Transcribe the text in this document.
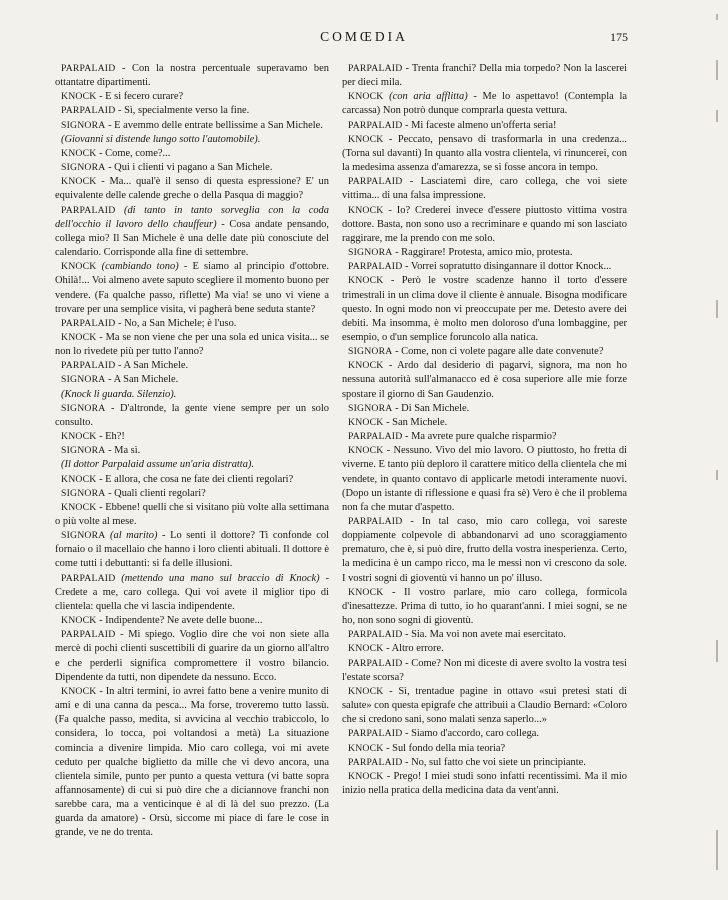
COMŒDIA	175

PARPALAID - Con la nostra percentuale superavamo ben ottantatre dipartimenti.

KNOCK - E si fecero curare?

PARPALAID - Sì, specialmente verso la fine.

SIGNORA - E avemmo delle entrate bellissime a San Michele.

(Giovanni si distende lungo sotto l'automobile).

KNOCK - Come, come?...

SIGNORA - Qui i clienti vi pagano a San Michele.

KNOCK - Ma... qual'è il senso di questa espressione? E' un equivalente delle calende greche o della Pasqua di maggio?

PARPALAID (di tanto in tanto sorveglia con la coda dell'occhio il lavoro dello chauffeur) - Cosa andate pensando, collega mio? Il San Michele è una delle date più conosciute del calendario. Corrisponde alla fine di settembre.

KNOCK (cambiando tono) - E siamo al principio d'ottobre. Ohilà!... Voi almeno avete saputo scegliere il momento buono per vendere. (Fa qualche passo, riflette) Ma via! se uno vi viene a trovare per una semplice visita, vi pagherà bene seduta stante?

PARPALAID - No, a San Michele; è l'uso.

KNOCK - Ma se non viene che per una sola ed unica visita... se non lo rivedete più per tutto l'anno?

PARPALAID - A San Michele.

SIGNORA - A San Michele.

(Knock li guarda. Silenzio).

SIGNORA - D'altronde, la gente viene sempre per un solo consulto.

KNOCK - Eh?!

SIGNORA - Ma sì.

(Il dottor Parpalaid assume un'aria distratta).

KNOCK - E allora, che cosa ne fate dei clienti regolari?

SIGNORA - Quali clienti regolari?

KNOCK - Ebbene! quelli che si visitano più volte alla settimana o più volte al mese.

SIGNORA (al marito) - Lo senti il dottore? Ti confonde col fornaio o il macellaio che hanno i loro clienti abituali. Il dottore è come tutti i debuttanti: si fa delle illusioni.

PARPALAID (mettendo una mano sul braccio di Knock) - Credete a me, caro collega. Qui voi avete il miglior tipo di clientela: quella che vi lascia indipendente.

KNOCK - Indipendente? Ne avete delle buone...

PARPALAID - Mi spiego. Voglio dire che voi non siete alla mercè di pochi clienti suscettibili di guarire da un giorno all'altro e che perderli significa compromettere il vostro bilancio. Dipendente da tutti, non dipendete da nessuno. Ecco.

KNOCK - In altri termini, io avrei fatto bene a venire munito di ami e di una canna da pesca... Ma forse, troveremo tutto lassù. (Fa qualche passo, medita, si avvicina al vecchio trabiccolo, lo considera, lo tocca, poi voltandosi a metà) La situazione comincia a divenire limpida. Mio caro collega, voi mi avete ceduto per qualche biglietto da mille che vi devo ancora, una clientela simile, punto per punto a questa vettura (vi batte sopra affannosamente) di cui si può dire che a diciannove franchi non sarebbe cara, ma a venticinque è al di là del suo prezzo. (La guarda da amatore) - Orsù, siccome mi piace di fare le cose in grande, ve ne do trenta.

PARPALAID - Trenta franchi? Della mia torpedo? Non la lascerei per dieci mila.

KNOCK (con aria afflitta) - Me lo aspettavo! (Contempla la carcassa) Non potrò dunque comprarla questa vettura.

PARPALAID - Mi faceste almeno un'offerta seria!

KNOCK - Peccato, pensavo di trasformarla in una credenza... (Torna sul davanti) In quanto alla vostra clientela, vi rinuncerei, con la medesima assenza d'amarezza, se si fosse ancora in tempo.

PARPALAID - Lasciatemi dire, caro collega, che voi siete vittima... di una falsa impressione.

KNOCK - Io? Crederei invece d'essere piuttosto vittima vostra dottore. Basta, non sono uso a recriminare e quando mi son lasciato raggirare, me la prendo con me solo.

SIGNORA - Raggirare! Protesta, amico mio, protesta.

PARPALAID - Vorrei sopratutto disingannare il dottor Knock...

KNOCK - Però le vostre scadenze hanno il torto d'essere trimestrali in un clima dove il cliente è annuale. Bisogna modificare questo. In ogni modo non vi preoccupate per me. Detesto avere dei debiti. Ma insomma, è molto men doloroso d'una lombaggine, per esempio, o d'un semplice foruncolo alla natica.

SIGNORA - Come, non ci volete pagare alle date convenute?

KNOCK - Ardo dal desiderio di pagarvi, signora, ma non ho nessuna autorità sull'almanacco ed è cosa superiore alle mie forze spostare il giorno di San Gaudenzio.

SIGNORA - Di San Michele.

KNOCK - San Michele.

PARPALAID - Ma avrete pure qualche risparmio?

KNOCK - Nessuno. Vivo del mio lavoro. O piuttosto, ho fretta di viverne. E tanto più deploro il carattere mitico della clientela che mi vendete, in quanto contavo di applicarle metodi interamente nuovi. (Dopo un istante di riflessione e quasi fra sè) Vero è che il problema non fa che mutar d'aspetto.

PARPALAID - In tal caso, mio caro collega, voi sareste doppiamente colpevole di abbandonarvi ad uno scoraggiamento prematuro, che è, si può dire, frutto della vostra inesperienza. Certo, la medicina è un campo ricco, ma le messi non vi crescono da sole. I vostri sogni di gioventù vi hanno un po' illuso.

KNOCK - Il vostro parlare, mio caro collega, formicola d'inesattezze. Prima di tutto, io ho quarant'anni. I miei sogni, se ne ho, non sono sogni di gioventù.

PARPALAID - Sia. Ma voi non avete mai esercitato.

KNOCK - Altro errore.

PARPALAID - Come? Non mi diceste di avere svolto la vostra tesi l'estate scorsa?

KNOCK - Sì, trentadue pagine in ottavo «sui pretesi stati di salute» con questa epigrafe che attribuii a Claudio Bernard: «Coloro che si credono sani, sono malati senza saperlo...»

PARPALAID - Siamo d'accordo, caro collega.

KNOCK - Sul fondo della mia teoria?

PARPALAID - No, sul fatto che voi siete un principiante.

KNOCK - Prego! I miei studi sono infatti recentissimi. Ma il mio inizio nella pratica della medicina data da vent'anni.
